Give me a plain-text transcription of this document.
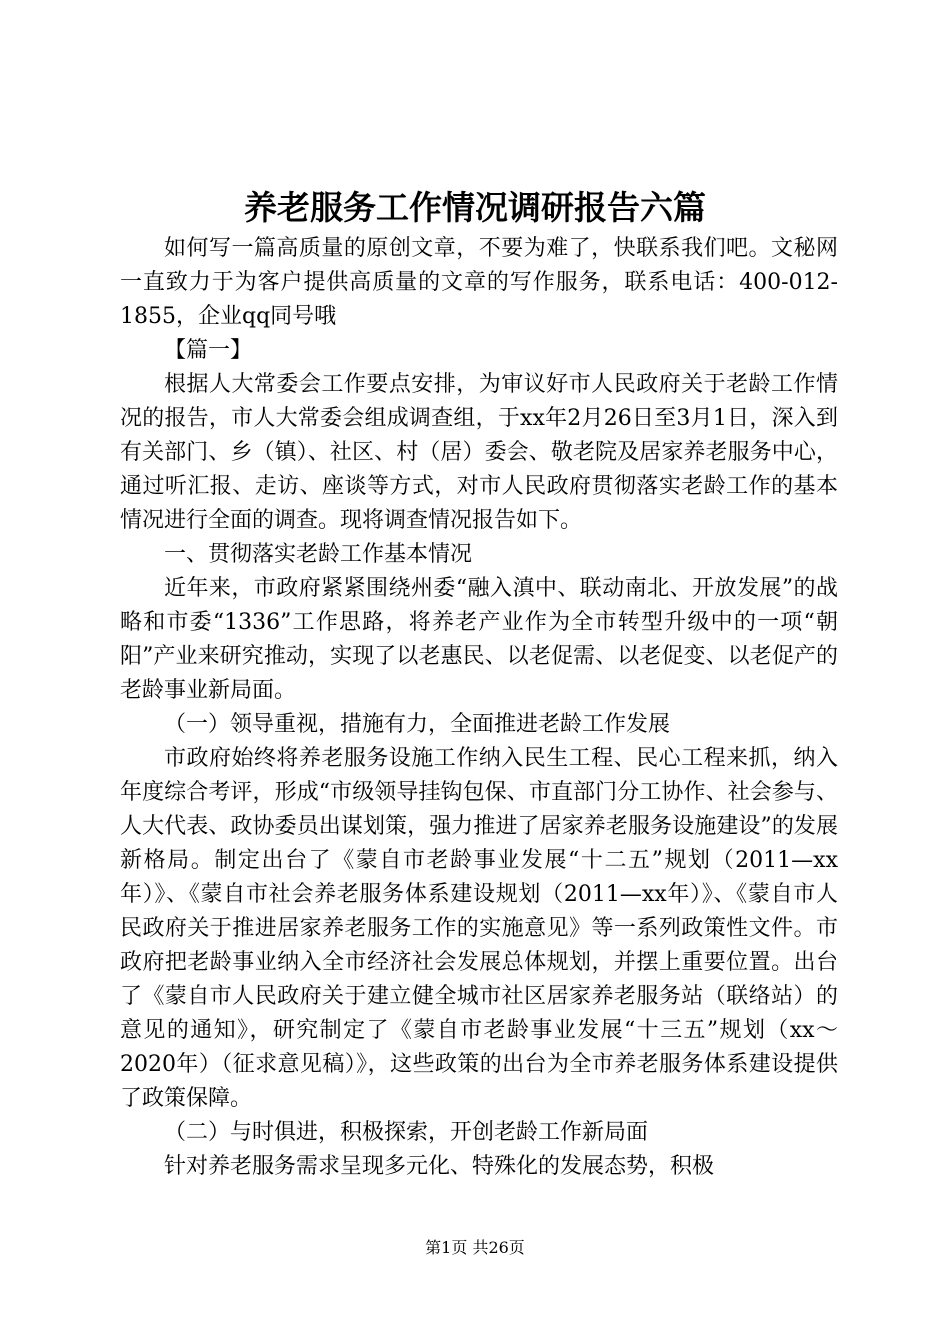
养老服务工作情况调研报告六篇

如何写一篇高质量的原创文章，不要为难了，快联系我们吧。文秘网一直致力于为客户提供高质量的文章的写作服务，联系电话：400-012-1855，企业qq同号哦

【篇一】

根据人大常委会工作要点安排，为审议好市人民政府关于老龄工作情况的报告，市人大常委会组成调查组，于xx年2月26日至3月1日，深入到有关部门、乡（镇）、社区、村（居）委会、敬老院及居家养老服务中心，通过听汇报、走访、座谈等方式，对市人民政府贯彻落实老龄工作的基本情况进行全面的调查。现将调查情况报告如下。

一、贯彻落实老龄工作基本情况

近年来，市政府紧紧围绕州委“融入滇中、联动南北、开放发展”的战略和市委“1336”工作思路，将养老产业作为全市转型升级中的一项“朝阳”产业来研究推动，实现了以老惠民、以老促需、以老促变、以老促产的老龄事业新局面。

（一）领导重视，措施有力，全面推进老龄工作发展

市政府始终将养老服务设施工作纳入民生工程、民心工程来抓，纳入年度综合考评，形成“市级领导挂钩包保、市直部门分工协作、社会参与、人大代表、政协委员出谋划策，强力推进了居家养老服务设施建设”的发展新格局。制定出台了《蒙自市老龄事业发展“十二五”规划（2011—xx年）》、《蒙自市社会养老服务体系建设规划（2011—xx年）》、《蒙自市人民政府关于推进居家养老服务工作的实施意见》等一系列政策性文件。市政府把老龄事业纳入全市经济社会发展总体规划，并摆上重要位置。出台了《蒙自市人民政府关于建立健全城市社区居家养老服务站（联络站）的意见的通知》，研究制定了《蒙自市老龄事业发展“十三五”规划（xx～2020年）（征求意见稿）》，这些政策的出台为全市养老服务体系建设提供了政策保障。

（二）与时俱进，积极探索，开创老龄工作新局面

针对养老服务需求呈现多元化、特殊化的发展态势，积极

第1页 共26页
